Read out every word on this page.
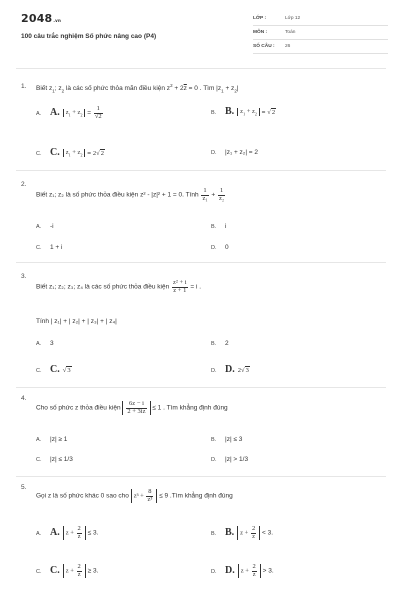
2048.vn
100 câu trắc nghiệm Số phức nâng cao (P4)
LỚP :	Lớp 12
MÔN :	Toán
SỐ CÂU : 26
1. Biết $z_1$; $z_2$ là các số phức thỏa mãn điều kiện $z^2 + 2\overline{z} = 0$ . Tìm $|z_1 + z_2|$
A. A. $z_1 + z_2 = \frac{1}{√2}$	B. B. $z_1 + z_2 = √2$
C. C. $z_1 + z_2 = 2√2$	D. |z₁ + z₂| = 2
2.
Biết z₁; z₂ là số phức thỏa điều kiện z² - |z|² + 1 = 0. Tính $\frac{1}{\text{z₁}} + \frac{1}{\text{z₂}}$
A. -i	B. i
C. 1 + i	D. 0
3.
Biết z₁; z₂; z₃; z₄ là các số phức thỏa điều kiện $\frac{\text{z² + i}}{z + 1} = i$ .
Tính | z₁| + | z₂| + | z₃| + | z₄|
A. 3	B. 2
C. C. √3	D. D. 2√3
4.
Cho số phức z thỏa điều kiện $\frac{6z - i}{2 + 3iz} \le 1$ . Tìm khẳng định đúng
A. |z| ≥ 1	B. |z| ≤ 3
C. |z| ≤ 1/3	D. |z| > 1/3
5.
Gọi z là số phức khác 0 sao cho $z^3 + \frac{8}{\text{z³}} \le 9$ .Tìm khẳng định đúng
A. A. $z + \frac{2}{z} \le 3$.	B. B. $z + \frac{2}{z} < 3$.
C. C. $z + \frac{2}{z} \ge 3$.	D. D. $z + \frac{2}{z} > 3$.
